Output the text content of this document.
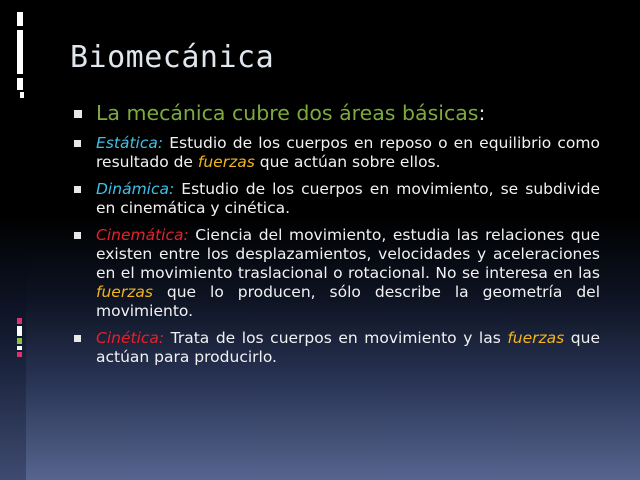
Biomecánica
La mecánica cubre dos áreas básicas:
Estática: Estudio de los cuerpos en reposo o en equilibrio como resultado de fuerzas que actúan sobre ellos.
Dinámica: Estudio de los cuerpos en movimiento, se subdivide en cinemática y cinética.
Cinemática: Ciencia del movimiento, estudia las relaciones que existen entre los desplazamientos, velocidades y aceleraciones en el movimiento traslacional o rotacional. No se interesa en las fuerzas que lo producen, sólo describe la geometría del movimiento.
Cinética: Trata de los cuerpos en movimiento y las fuerzas que actúan para producirlo.
